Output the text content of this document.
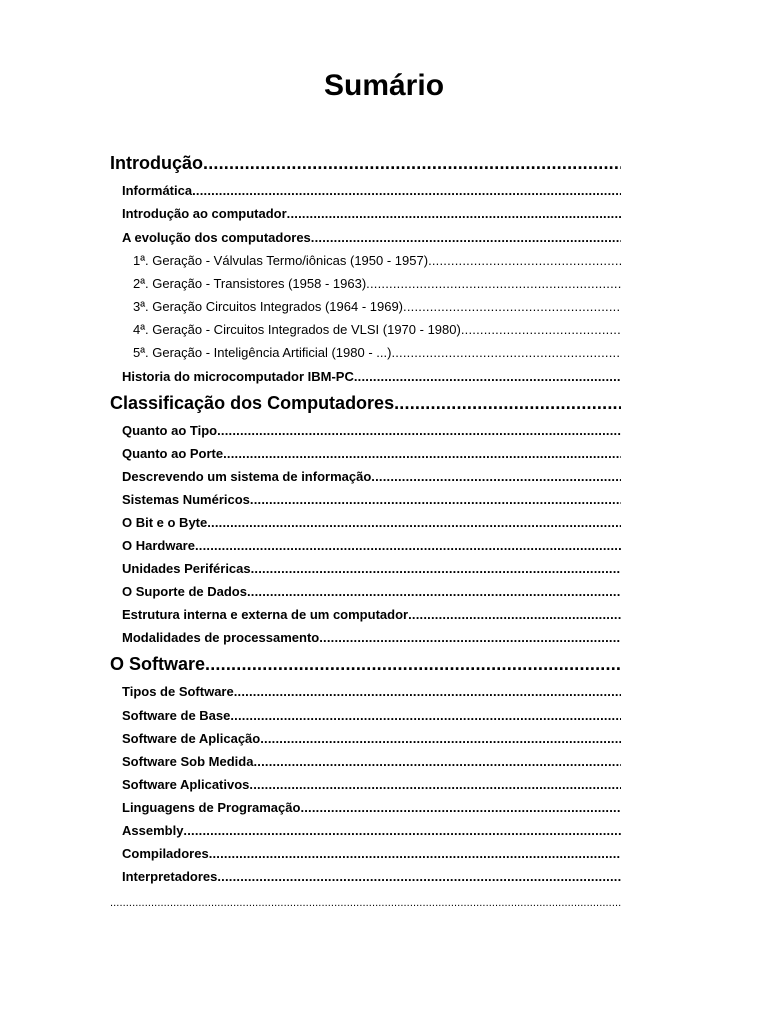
Sumário
Introdução
.....
Informática
.....
Introdução ao computador
.....
A evolução dos computadores
.....
1ª. Geração - Válvulas Termo/iônicas (1950 - 1957)
.....
2ª. Geração - Transistores (1958 - 1963)
.....
3ª. Geração Circuitos Integrados (1964 - 1969)
.....
4ª. Geração - Circuitos Integrados de VLSI (1970 - 1980)
.....
5ª. Geração - Inteligência Artificial (1980 - ...)
.....
Historia do microcomputador IBM-PC
.....
Classificação dos Computadores
.....
Quanto ao Tipo
.....
Quanto ao Porte
.....
Descrevendo um sistema de informação
.....
Sistemas Numéricos
.....
O Bit e o Byte
.....
O Hardware
.....
Unidades Periféricas
.....
O Suporte de Dados
.....
Estrutura interna e externa de um computador
.....
Modalidades de processamento
.....
O Software
.....
Tipos de Software
.....
Software de Base
.....
Software de Aplicação
.....
Software Sob Medida
.....
Software Aplicativos
.....
Linguagens de Programação
.....
Assembly
.....
Compiladores
.....
Interpretadores
.....
.....
